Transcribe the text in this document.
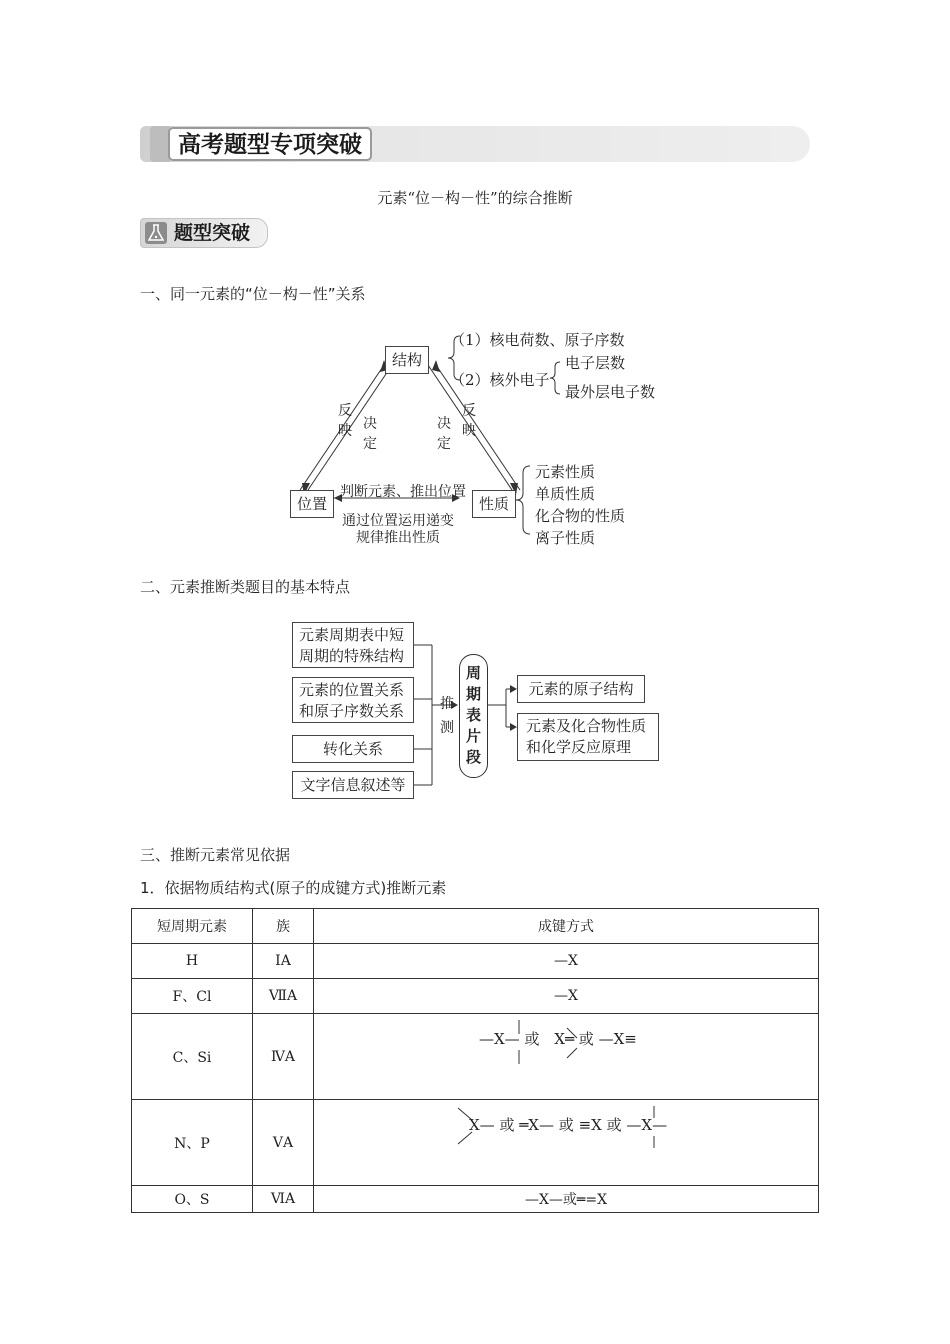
高考题型专项突破
元素“位－构－性”的综合推断
题型突破
一、同一元素的“位－构－性”关系
结构
位置	性质
反映 决定
决定
反映
判断元素、推出位置
通过位置运用递变
规律推出性质
（1）核电荷数、原子序数
（2）核外电子
电子层数
最外层电子数
元素性质
单质性质
化合物的性质
离子性质
二、元素推断类题目的基本特点
元素周期表中短
周期的特殊结构
元素的位置关系
和原子序数关系
转化关系
文字信息叙述等
推
测
周
期
表
片
段
元素的原子结构
元素及化合物性质
和化学反应原理
三、推断元素常见依据
1．依据物质结构式(原子的成键方式)推断元素
短周期元素	族	成键方式
H	ⅠA	—X
F、Cl	ⅦA	—X
C、Si	ⅣA	—X— 或 X═ 或 —X≡

N、P	ⅤA	X— 或 ═X— 或 ≡X 或 —X—

O、S	ⅥA	—X—或═=X
